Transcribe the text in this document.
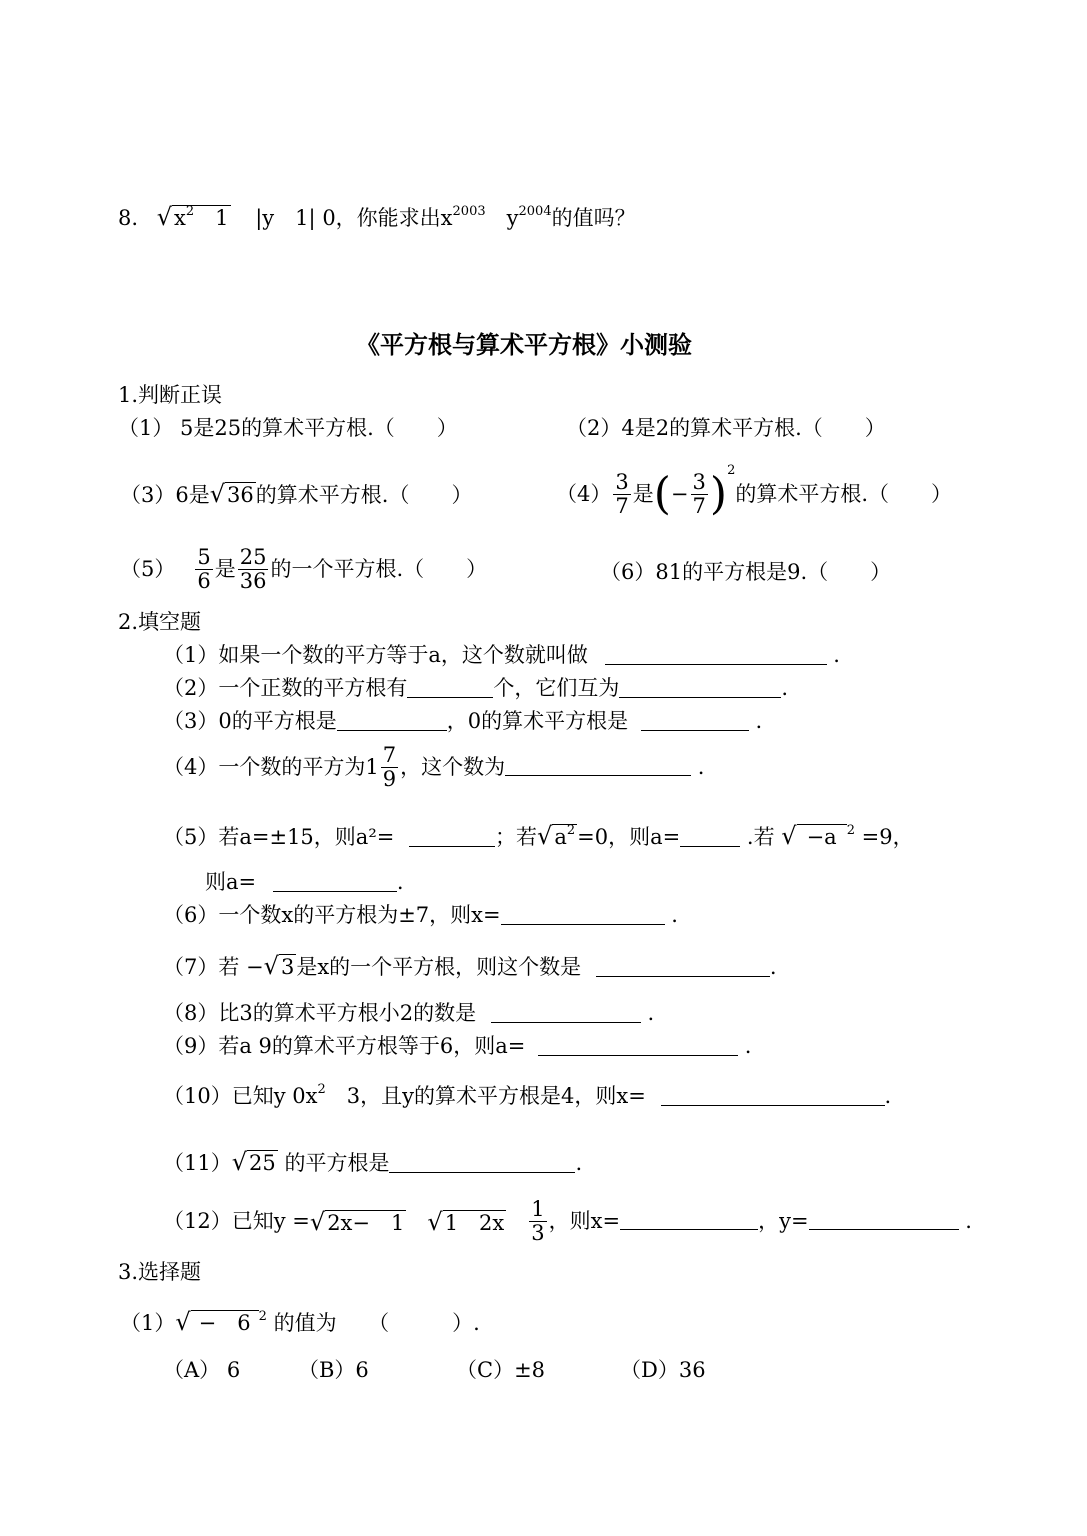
8. $√x^2$　 1 |y　 1| 0，你能求出$x^{2003}$　 $y^{2004}$的值吗？
《平方根与算术平方根》小测验
1.判断正误
（1） 5是25的算术平方根.（　　）	（2）4是2的算术平方根.（　　）
（3）6是√36的算术平方根.（　　）	$(4) \frac{3}{7}$ 是(− $\frac{3}{7} )^2$的算术平方根.（　　）
$(5) \frac{5}{6}$ 是 $\frac{25}{36}$ 的一个平方根.（　　）	（6）81的平方根是9.（　　）
2.填空题
（1）如果一个数的平方等于a，这个数就叫做	.
（2）一个正数的平方根有	个，它们互为	.
（3）0的平方根是	，0的算术平方根是	.
（4）一个数的平方为$1 \frac{7}{9}$ ，这个数为	.
（5）若a=±15，则a²=	；若$√a^2=0$，则a=	.若 √ −a $^2$ =9，
则a=	.
（6）一个数x的平方根为±7，则x=	.
（7）若 −√3是x的一个平方根，则这个数是	.
（8）比3的算术平方根小2的数是	.
（9）若a 9的算术平方根等于6，则a=	.
（10）已知y $0x^2$　 3，且y的算术平方根是4，则x=	.
（11）√25 的平方根是	.
（12）已知y =√2x−　1　 √1　2x　 $\frac{1}{3}$ ，则x=	，y=	.
3.选择题
（1）√ −　6 $^2$ 的值为　　（　　　）.
（A） 6	（B）6	（C）±8	（D）36
